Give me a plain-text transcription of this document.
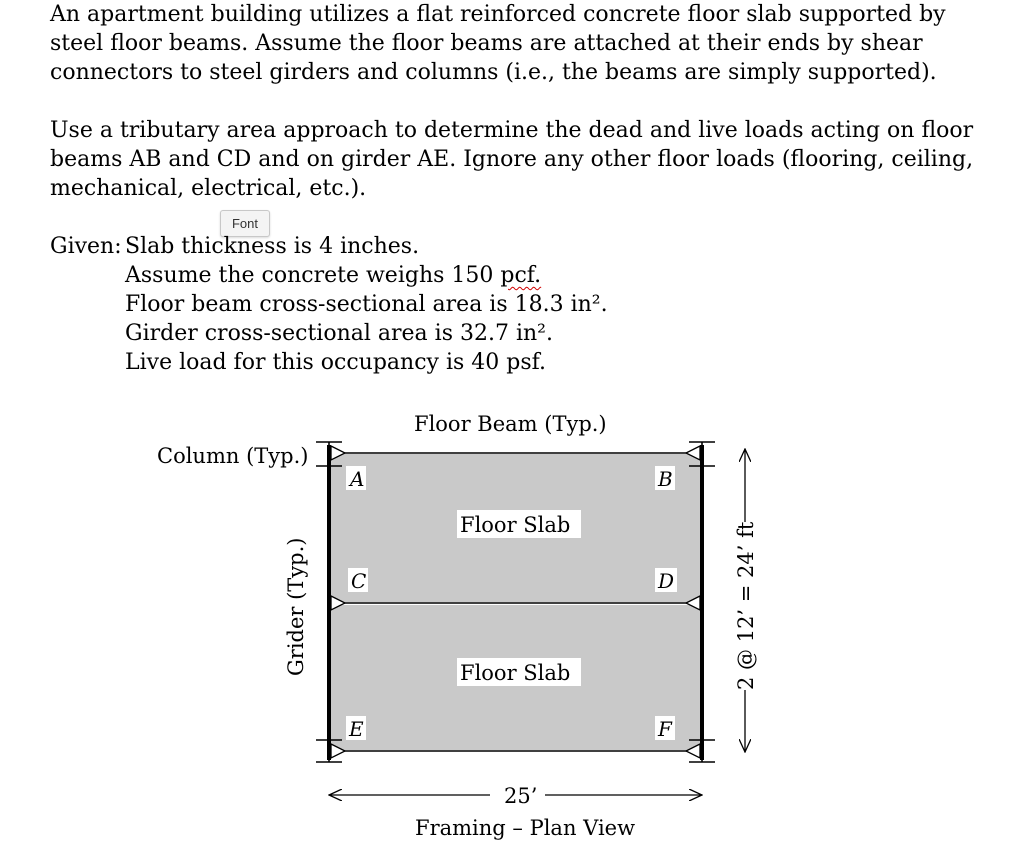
An apartment building utilizes a flat reinforced concrete floor slab supported by
steel floor beams. Assume the floor beams are attached at their ends by shear
connectors to steel girders and columns (i.e., the beams are simply supported).
Use a tributary area approach to determine the dead and live loads acting on floor
beams AB and CD and on girder AE. Ignore any other floor loads (flooring, ceiling,
mechanical, electrical, etc.).
Font
Given: Slab thickness is 4 inches.
Assume the concrete weighs 150 pcf.
Floor beam cross-sectional area is 18.3 in².
Girder cross-sectional area is 32.7 in².
Live load for this occupancy is 40 psf.
Floor Beam (Typ.)
Column (Typ.)
Grider (Typ.)
A	B
C	D
E	F
Floor Slab
Floor Slab
25’
Framing – Plan View
2 @ 12’ = 24’ ft
